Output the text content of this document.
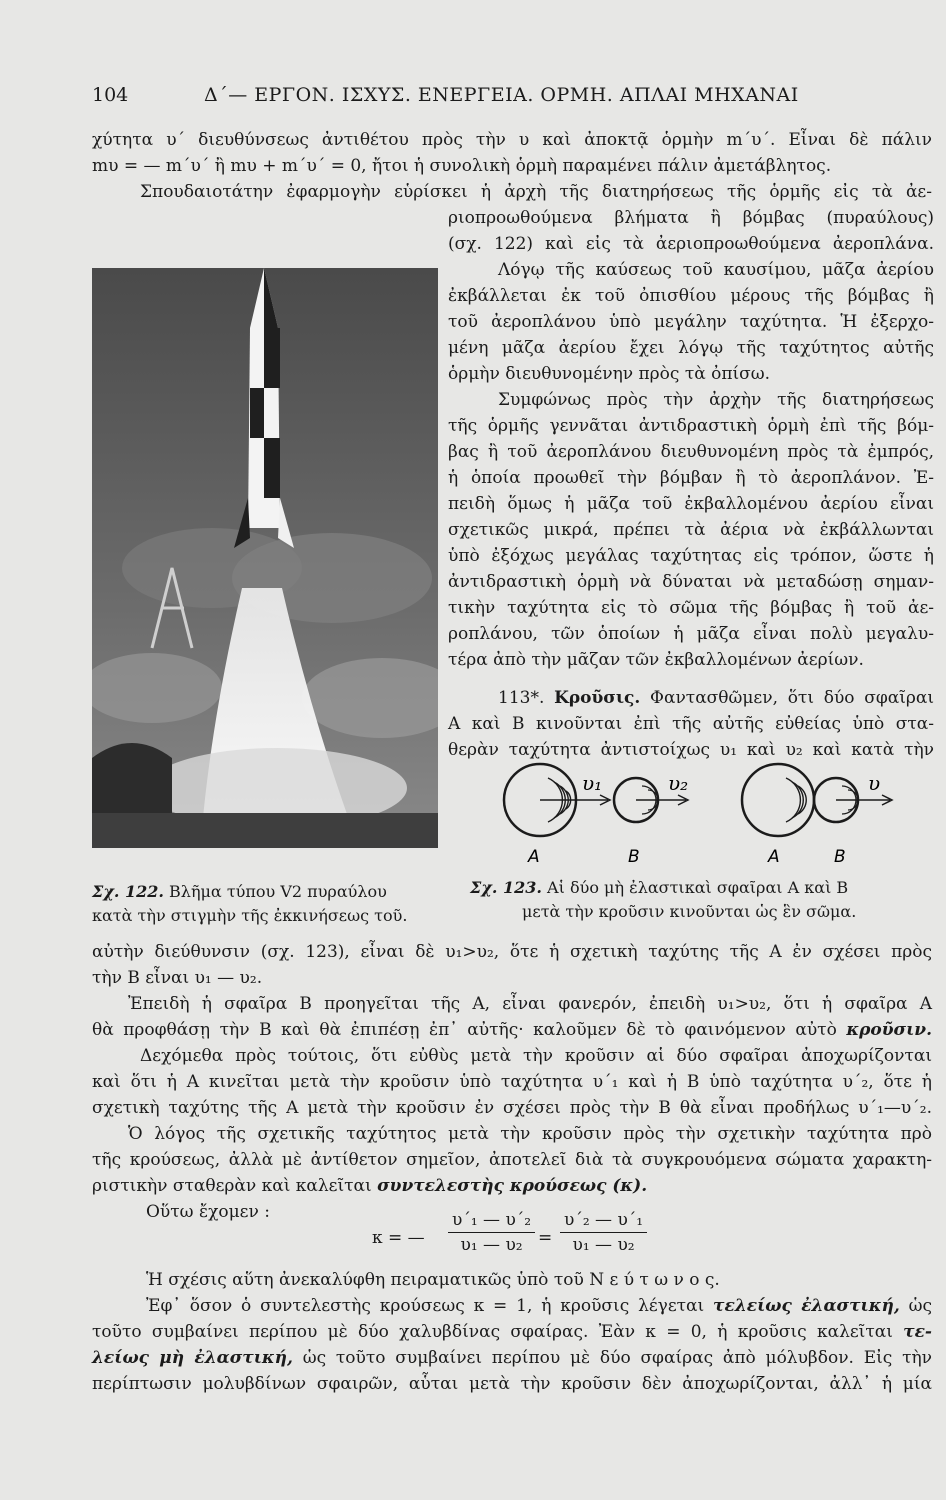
104	Δ΄— ΕΡΓΟΝ. ΙΣΧΥΣ. ΕΝΕΡΓΕΙΑ. ΟΡΜΗ. ΑΠΛΑΙ ΜΗΧΑΝΑΙ
χύτητα υ΄ διευθύνσεως ἀντιθέτου πρὸς τὴν υ καὶ ἀποκτᾷ ὁρμὴν m΄υ΄. Εἶναι δὲ πάλιν
mυ = — m΄υ΄ ἢ mυ + m΄υ΄ = 0, ἤτοι ἡ συνολικὴ ὁρμὴ παραμένει πάλιν ἀμετάβλητος.
Σπουδαιοτάτην ἐφαρμογὴν εὑρίσκει ἡ ἀρχὴ τῆς διατηρήσεως τῆς ὁρμῆς εἰς τὰ ἀε-
ριοπροωθούμενα βλήματα ἢ βόμβας (πυραύλους)
(σχ. 122) καὶ εἰς τὰ ἀεριοπροωθούμενα ἀεροπλάνα.
Λόγῳ τῆς καύσεως τοῦ καυσίμου, μᾶζα ἀερίου
ἐκβάλλεται ἐκ τοῦ ὀπισθίου μέρους τῆς βόμβας ἢ
τοῦ ἀεροπλάνου ὑπὸ μεγάλην ταχύτητα. Ἡ ἐξερχο-
μένη μᾶζα ἀερίου ἔχει λόγῳ τῆς ταχύτητος αὐτῆς
ὁρμὴν διευθυνομένην πρὸς τὰ ὀπίσω.
Συμφώνως πρὸς τὴν ἀρχὴν τῆς διατηρήσεως
τῆς ὁρμῆς γεννᾶται ἀντιδραστικὴ ὁρμὴ ἐπὶ τῆς βόμ-
βας ἢ τοῦ ἀεροπλάνου διευθυνομένη πρὸς τὰ ἐμπρός,
ἡ ὁποία προωθεῖ τὴν βόμβαν ἢ τὸ ἀεροπλάνον. Ἐ-
πειδὴ ὅμως ἡ μᾶζα τοῦ ἐκβαλλομένου ἀερίου εἶναι
σχετικῶς μικρά, πρέπει τὰ ἀέρια νὰ ἐκβάλλωνται
ὑπὸ ἐξόχως μεγάλας ταχύτητας εἰς τρόπον, ὥστε ἡ
ἀντιδραστικὴ ὁρμὴ νὰ δύναται νὰ μεταδώσῃ σημαν-
τικὴν ταχύτητα εἰς τὸ σῶμα τῆς βόμβας ἢ τοῦ ἀε-
ροπλάνου, τῶν ὁποίων ἡ μᾶζα εἶναι πολὺ μεγαλυ-
τέρα ἀπὸ τὴν μᾶζαν τῶν ἐκβαλλομένων ἀερίων.
113*. Κροῦσις. Φαντασθῶμεν, ὅτι δύο σφαῖραι
Α καὶ Β κινοῦνται ἐπὶ τῆς αὐτῆς εὐθείας ὑπὸ στα-
θερὰν ταχύτητα ἀντιστοίχως υ₁ καὶ υ₂ καὶ κατὰ τὴν
υ₁	υ₂	υ
A	B	A	B
Σχ. 122. Βλῆμα τύπου V2 πυραύλου
κατὰ τὴν στιγμὴν τῆς ἐκκινήσεως τοῦ.
Σχ. 123. Αἱ δύο μὴ ἐλαστικαὶ σφαῖραι Α καὶ Β
μετὰ τὴν κροῦσιν κινοῦνται ὡς ἓν σῶμα.
αὐτὴν διεύθυνσιν (σχ. 123), εἶναι δὲ υ₁>υ₂, ὅτε ἡ σχετικὴ ταχύτης τῆς Α ἐν σχέσει πρὸς
τὴν Β εἶναι υ₁ — υ₂.
Ἐπειδὴ ἡ σφαῖρα Β προηγεῖται τῆς Α, εἶναι φανερόν, ἐπειδὴ υ₁>υ₂, ὅτι ἡ σφαῖρα Α
θὰ προφθάσῃ τὴν Β καὶ θὰ ἐπιπέσῃ ἐπ᾽ αὐτῆς· καλοῦμεν δὲ τὸ φαινόμενον αὐτὸ κροῦσιν.
Δεχόμεθα πρὸς τούτοις, ὅτι εὐθὺς μετὰ τὴν κροῦσιν αἱ δύο σφαῖραι ἀποχωρίζονται
καὶ ὅτι ἡ Α κινεῖται μετὰ τὴν κροῦσιν ὑπὸ ταχύτητα υ΄₁ καὶ ἡ Β ὑπὸ ταχύτητα υ΄₂, ὅτε ἡ
σχετικὴ ταχύτης τῆς Α μετὰ τὴν κροῦσιν ἐν σχέσει πρὸς τὴν Β θὰ εἶναι προδήλως υ΄₁—υ΄₂.
Ὁ λόγος τῆς σχετικῆς ταχύτητος μετὰ τὴν κροῦσιν πρὸς τὴν σχετικὴν ταχύτητα πρὸ
τῆς κρούσεως, ἀλλὰ μὲ ἀντίθετον σημεῖον, ἀποτελεῖ διὰ τὰ συγκρουόμενα σώματα χαρακτη-
ριστικὴν σταθερὰν καὶ καλεῖται συντελεστὴς κρούσεως (κ).
Οὕτω ἔχομεν :
κ = —
υ΄₁ — υ΄₂
υ₁ — υ₂ =
υ΄₂ — υ΄₁
υ₁ — υ₂
Ἡ σχέσις αὕτη ἀνεκαλύφθη πειραματικῶς ὑπὸ τοῦ Ν ε ύ τ ω ν ο ς.
Ἐφ᾽ ὅσον ὁ συντελεστὴς κρούσεως κ = 1, ἡ κροῦσις λέγεται τελείως ἐλαστική, ὡς
τοῦτο συμβαίνει περίπου μὲ δύο χαλυβδίνας σφαίρας. Ἐὰν κ = 0, ἡ κροῦσις καλεῖται τε-
λείως μὴ ἐλαστική, ὡς τοῦτο συμβαίνει περίπου μὲ δύο σφαίρας ἀπὸ μόλυβδον. Εἰς τὴν
περίπτωσιν μολυβδίνων σφαιρῶν, αὗται μετὰ τὴν κροῦσιν δὲν ἀποχωρίζονται, ἀλλ᾽ ἡ μία
